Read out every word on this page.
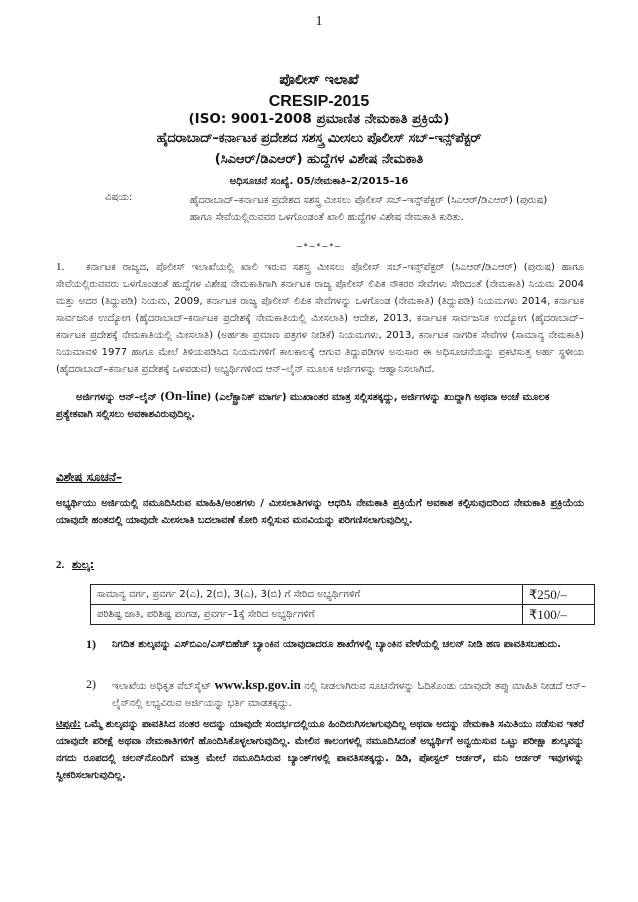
1
ಪೊಲೀಸ್ ಇಲಾಖೆ
CRESIP-2015
(ISO: 9001-2008 ಪ್ರಮಾಣಿತ ನೇಮಕಾತಿ ಪ್ರಕ್ರಿಯೆ)
ಹೈದರಾಬಾದ್–ಕರ್ನಾಟಕ ಪ್ರದೇಶದ ಸಶಸ್ತ್ರ ಮೀಸಲು ಪೊಲೀಸ್ ಸಬ್–ಇನ್ಸ್‌ಪೆಕ್ಟರ್
(ಸಿಎಆರ್/ಡಿಎಆರ್) ಹುದ್ದೆಗಳ ವಿಶೇಷ ನೇಮಕಾತಿ
ಅಧಿಸೂಚನೆ ಸಂಖ್ಯೆ. 05/ನೇಮಕಾತಿ–2/2015–16
ವಿಷಯ:	ಹೈದರಾಬಾದ್–ಕರ್ನಾಟಕ ಪ್ರದೇಶದ ಸಶಸ್ತ್ರ ಮೀಸಲು ಪೊಲೀಸ್ ಸಬ್–ಇನ್ಸ್‌ಪೆಕ್ಟರ್ (ಸಿಎಆರ್/ಡಿಎಆರ್) (ಪುರುಷ) ಹಾಗೂ ಸೇವೆಯಲ್ಲಿರುವವರ ಒಳಗೊಂಡಂತೆ ಖಾಲಿ ಹುದ್ದೆಗಳ ವಿಶೇಷ ನೇಮಕಾತಿ ಕುರಿತು.
~*~*~*~
1.	ಕರ್ನಾಟಕ ರಾಜ್ಯದ, ಪೊಲೀಸ್ ಇಲಾಖೆಯಲ್ಲಿ ಖಾಲಿ ಇರುವ ಸಶಸ್ತ್ರ ಮೀಸಲು ಪೊಲೀಸ್ ಸಬ್–ಇನ್ಸ್‌ಪೆಕ್ಟರ್ (ಸಿಎಆರ್/ಡಿಎಆರ್) (ಪುರುಷ) ಹಾಗೂ ಸೇವೆಯಲ್ಲಿರುವವರು ಒಳಗೊಂಡಂತೆ ಹುದ್ದೆಗಳ ವಿಶೇಷ ನೇಮಕಾತಿಗಾಗಿ ಕರ್ನಾಟಕ ರಾಜ್ಯ ಪೊಲೀಸ್ ಲಿಪಿಕ ನೌಕರರ ಸೇವೆಗಳು ಸೇರಿದಂತೆ (ನೇಮಕಾತಿ) ನಿಯಮ 2004 ಮತ್ತು ಅದರ (ತಿದ್ದುಪಡಿ) ನಿಯಮ, 2009, ಕರ್ನಾಟಕ ರಾಜ್ಯ ಪೊಲೀಸ್ ಲಿಪಿಕ ಸೇವೆಗಳನ್ನು ಒಳಗೊಂಡ (ನೇಮಕಾತಿ) (ತಿದ್ದುಪಡಿ) ನಿಯಮಗಳು 2014, ಕರ್ನಾಟಕ ಸಾರ್ವಜನಿಕ ಉದ್ಯೋಗ (ಹೈದರಾಬಾದ್–ಕರ್ನಾಟಕ ಪ್ರದೇಶಕ್ಕೆ ನೇಮಕಾತಿಯಲ್ಲಿ ಮೀಸಲಾತಿ) ಆದೇಶ, 2013, ಕರ್ನಾಟಕ ಸಾರ್ವಜನಿಕ ಉದ್ಯೋಗ (ಹೈದರಾಬಾದ್–ಕರ್ನಾಟಕ ಪ್ರದೇಶಕ್ಕೆ ನೇಮಕಾತಿಯಲ್ಲಿ ಮೀಸಲಾತಿ) (ಅರ್ಹತಾ ಪ್ರಮಾಣ ಪತ್ರಗಳ ನೀಡಿಕೆ) ನಿಯಮಗಳು, 2013, ಕರ್ನಾಟಕ ನಾಗರಿಕ ಸೇವೆಗಳ (ಸಾಮಾನ್ಯ ನೇಮಕಾತಿ) ನಿಯಮಾವಳಿ 1977 ಹಾಗೂ ಮೇಲೆ ತಿಳಿಯಪಡಿಸಿದ ನಿಯಮಗಳಿಗೆ ಕಾಲಕಾಲಕ್ಕೆ ಆಗುವ ತಿದ್ದುಪಡಿಗಳ ಅನುಸಾರ ಈ ಅಧಿಸೂಚನೆಯನ್ನು ಪ್ರಕಟಿಸುತ್ತ ಅರ್ಹ ಸ್ಥಳೀಯ (ಹೈದರಾಬಾದ್–ಕರ್ನಾಟಕ ಪ್ರದೇಶಕ್ಕೆ ಒಳಪಡುವ) ಅಭ್ಯರ್ಥಿಗಳಿಂದ ಆನ್–ಲೈನ್ ಮೂಲಕ ಅರ್ಜಿಗಳನ್ನು ಆಹ್ವಾನಿಸಲಾಗಿದೆ.
ಅರ್ಜಿಗಳನ್ನು ಆನ್–ಲೈನ್ (On-line) (ಎಲೆಕ್ಟ್ರಾನಿಕ್ ಮಾರ್ಗ) ಮುಖಾಂತರ ಮಾತ್ರ ಸಲ್ಲಿಸತಕ್ಕದ್ದು, ಅರ್ಜಿಗಳನ್ನು ಖುದ್ದಾಗಿ ಅಥವಾ ಅಂಚೆ ಮೂಲಕ ಪ್ರತ್ಯೇಕವಾಗಿ ಸಲ್ಲಿಸಲು ಅವಕಾಶವಿರುವುದಿಲ್ಲ.
ವಿಶೇಷ ಸೂಚನೆ–
ಅಭ್ಯರ್ಥಿಯು ಅರ್ಜಿಯಲ್ಲಿ ನಮೂದಿಸಿರುವ ಮಾಹಿತಿ/ಅಂಶಗಳು / ಮೀಸಲಾತಿಗಳನ್ನು ಆಧರಿಸಿ ನೇಮಕಾತಿ ಪ್ರಕ್ರಿಯೆಗೆ ಅವಕಾಶ ಕಲ್ಪಿಸುವುದರಿಂದ ನೇಮಕಾತಿ ಪ್ರಕ್ರಿಯೆಯ ಯಾವುದೇ ಹಂತದಲ್ಲಿ ಯಾವುದೇ ಮೀಸಲಾತಿ ಬದಲಾವಣೆ ಕೋರಿ ಸಲ್ಲಿಸುವ ಮನವಿಯನ್ನು ಪರಿಗಣಿಸಲಾಗುವುದಿಲ್ಲ.
2. ಶುಲ್ಕ:
ಸಾಮಾನ್ಯ ವರ್ಗ, ಪ್ರವರ್ಗ 2(ಎ), 2(ಬಿ), 3(ಎ), 3(ಬಿ) ಗೆ ಸೇರಿದ ಅಭ್ಯರ್ಥಿಗಳಿಗೆ	₹250/–
ಪರಿಶಿಷ್ಟ ಜಾತಿ, ಪರಿಶಿಷ್ಟ ಪಂಗಡ, ಪ್ರವರ್ಗ–1ಕ್ಕೆ ಸೇರಿದ ಅಭ್ಯರ್ಥಿಗಳಿಗೆ	₹100/–
1) ನಿಗದಿತ ಶುಲ್ಕವನ್ನು ಎಸ್‌ಬಿಎಂ/ಎಸ್‌ಬಿಹೆಚ್ ಬ್ಯಾಂಕಿನ ಯಾವುದಾದರೂ ಶಾಖೆಗಳಲ್ಲಿ ಬ್ಯಾಂಕಿನ ವೇಳೆಯಲ್ಲಿ ಚಲನ್ ನೀಡಿ ಹಣ ಪಾವತಿಸಬಹುದು.
2) ಇಲಾಖೆಯ ಅಧಿಕೃತ ವೆಬ್‌ಸೈಟ್ www.ksp.gov.in ನಲ್ಲಿ ನೀಡಲಾಗಿರುವ ಸೂಚನೆಗಳನ್ನು ಓದಿಕೊಂಡು ಯಾವುದೇ ತಪ್ಪು ಮಾಹಿತಿ ನೀಡದೆ ಆನ್–ಲೈನ್‌ನಲ್ಲಿ ಲಭ್ಯವಿರುವ ಅರ್ಜಿಯನ್ನು ಭರ್ತಿ ಮಾಡತಕ್ಕದ್ದು.
ಟಿಪ್ಪಣಿ: ಒಮ್ಮೆ ಶುಲ್ಕವನ್ನು ಪಾವತಿಸಿದ ನಂತರ ಅದನ್ನು ಯಾವುದೇ ಸಂದರ್ಭದಲ್ಲಿಯೂ ಹಿಂದಿರುಗಿಸಲಾಗುವುದಿಲ್ಲ ಅಥವಾ ಅದನ್ನು ನೇಮಕಾತಿ ಸಮಿತಿಯು ನಡೆಸುವ ಇತರೆ ಯಾವುದೇ ಪರೀಕ್ಷೆ ಅಥವಾ ನೇಮಕಾತಿಗಳಿಗೆ ಹೊಂದಿಸಿಕೊಳ್ಳಲಾಗುವುದಿಲ್ಲ. ಮೇಲಿನ ಕಾಲಂಗಳಲ್ಲಿ ನಮೂದಿಸಿದಂತೆ ಅಭ್ಯರ್ಥಿಗೆ ಅನ್ವಯಿಸುವ ಒಟ್ಟು ಪರೀಕ್ಷಾ ಶುಲ್ಕವನ್ನು ನಗದು ರೂಪದಲ್ಲಿ ಚಲನ್‌ನೊಂದಿಗೆ ಮಾತ್ರ ಮೇಲೆ ನಮೂದಿಸಿರುವ ಬ್ಯಾಂಕ್‌ಗಳಲ್ಲಿ ಪಾವತಿಸತಕ್ಕದ್ದು. ಡಿಡಿ, ಪೋಸ್ಟಲ್ ಆರ್ಡರ್, ಮನಿ ಆರ್ಡರ್ ಇವುಗಳನ್ನು ಸ್ವೀಕರಿಸಲಾಗುವುದಿಲ್ಲ.
